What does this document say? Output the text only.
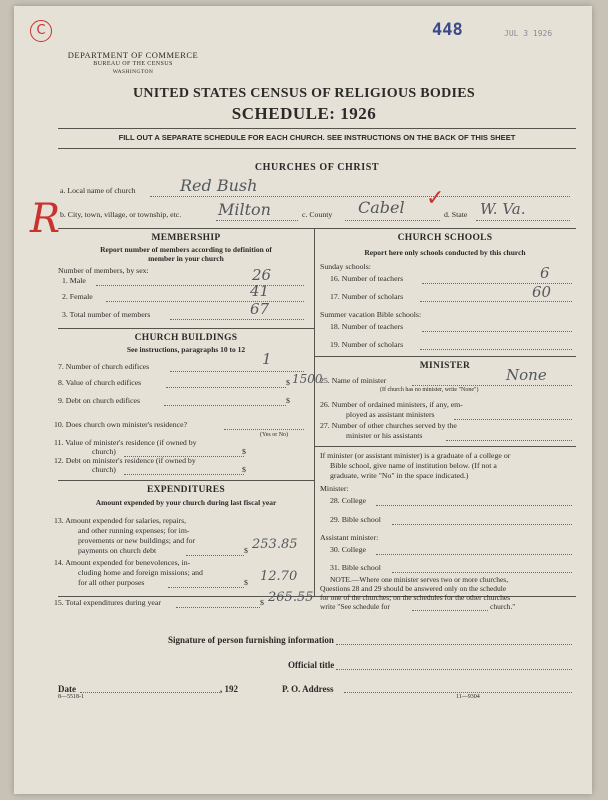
C
R
448	JUL 3 1926
DEPARTMENT OF COMMERCE
BUREAU OF THE CENSUS
WASHINGTON
UNITED STATES CENSUS OF RELIGIOUS BODIES
SCHEDULE: 1926
FILL OUT A SEPARATE SCHEDULE FOR EACH CHURCH. SEE INSTRUCTIONS ON THE BACK OF THIS SHEET
CHURCHES OF CHRIST
a. Local name of church	Red Bush
b. City, town, village, or township, etc. Milton	c. County Cabel ✓
d. State W. Va.
MEMBERSHIP
Report number of members according to definition of
member in your church
Number of members, by sex:
1. Male	26
2. Female	41
3. Total number of members	67
CHURCH BUILDINGS
See instructions, paragraphs 10 to 12
7. Number of church edifices	1
8. Value of church edifices	$ 1500
9. Debt on church edifices	$
10. Does church own minister's residence?
(Yes or No)
11. Value of minister's residence (if owned by
church)	$
12. Debt on minister's residence (if owned by
church)	$
EXPENDITURES
Amount expended by your church during last fiscal year
13. Amount expended for salaries, repairs,
and other running expenses; for im-
provements or new buildings; and for
payments on church debt	$ 253.85
14. Amount expended for benevolences, in-
cluding home and foreign missions; and
for all other purposes	$ 12.70
15. Total expenditures during year	$ 265.55
CHURCH SCHOOLS
Report here only schools conducted by this church
Sunday schools:
16. Number of teachers	6
17. Number of scholars	60
Summer vacation Bible schools:
18. Number of teachers
19. Number of scholars
MINISTER
25. Name of minister
(If church has no minister, write "None")
None
26. Number of ordained ministers, if any, em-
ployed as assistant ministers
27. Number of other churches served by the
minister or his assistants
If minister (or assistant minister) is a graduate of a college or
Bible school, give name of institution below. (If not a
graduate, write "No" in the space indicated.)
Minister:
28. College
29. Bible school
Assistant minister:
30. College
31. Bible school
NOTE.—Where one minister serves two or more churches,
Questions 28 and 29 should be answered only on the schedule
for one of the churches; on the schedules for the other churches
write "See schedule for	church."
Signature of person furnishing information
Official title
Date	, 192	P. O. Address
8—5518-1	11—9304
